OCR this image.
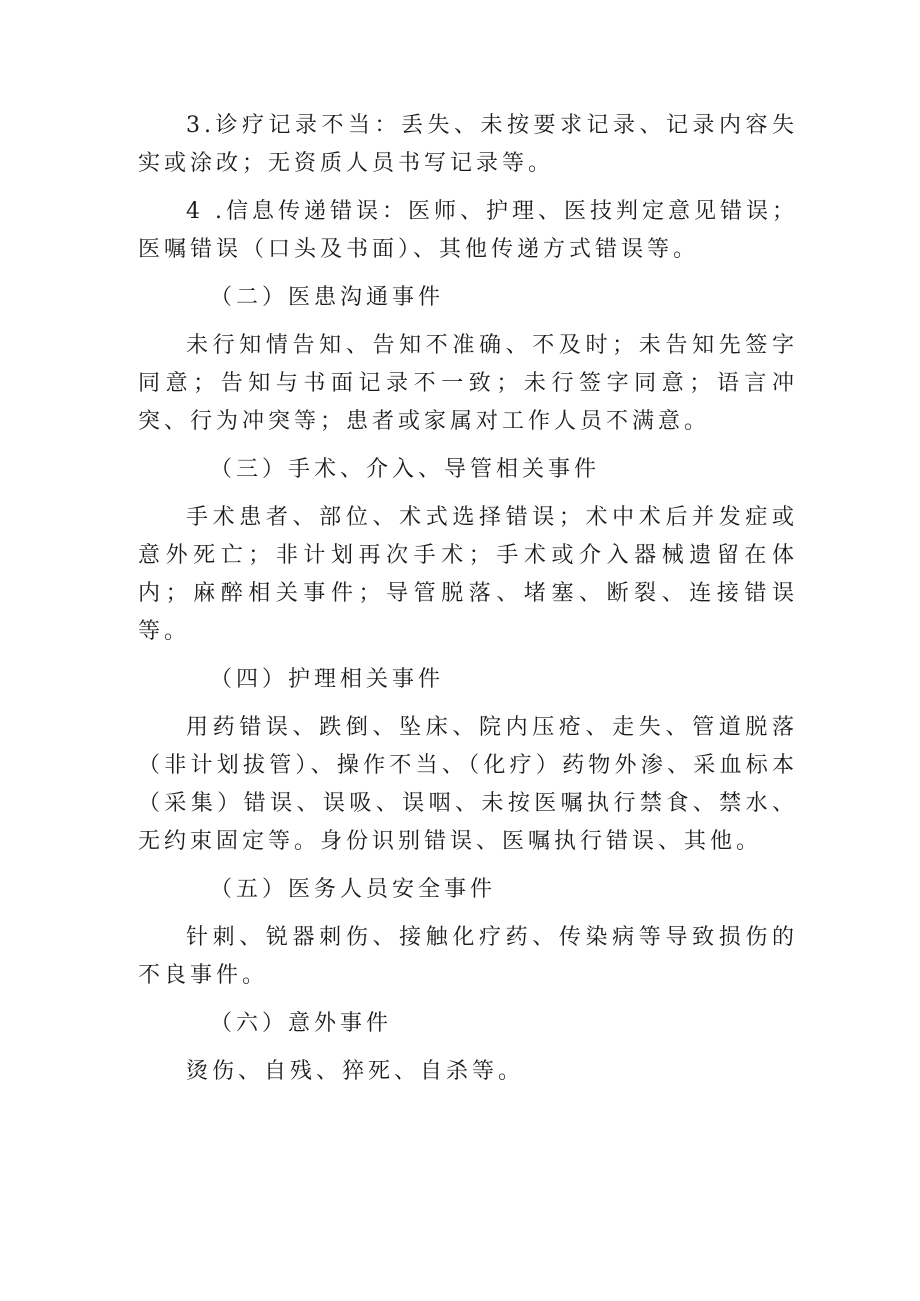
3.诊疗记录不当：丢失、未按要求记录、记录内容失实或涂改；无资质人员书写记录等。

4 .信息传递错误：医师、护理、医技判定意见错误；医嘱错误（口头及书面）、其他传递方式错误等。

（二）医患沟通事件

未行知情告知、告知不准确、不及时；未告知先签字同意；告知与书面记录不一致；未行签字同意；语言冲突、行为冲突等；患者或家属对工作人员不满意。

（三）手术、介入、导管相关事件

手术患者、部位、术式选择错误；术中术后并发症或意外死亡；非计划再次手术；手术或介入器械遗留在体内；麻醉相关事件；导管脱落、堵塞、断裂、连接错误等。

（四）护理相关事件

用药错误、跌倒、坠床、院内压疮、走失、管道脱落（非计划拔管）、操作不当、（化疗）药物外渗、采血标本（采集）错误、误吸、误咽、未按医嘱执行禁食、禁水、无约束固定等。身份识别错误、医嘱执行错误、其他。

（五）医务人员安全事件

针刺、锐器刺伤、接触化疗药、传染病等导致损伤的不良事件。

（六）意外事件

烫伤、自残、猝死、自杀等。
